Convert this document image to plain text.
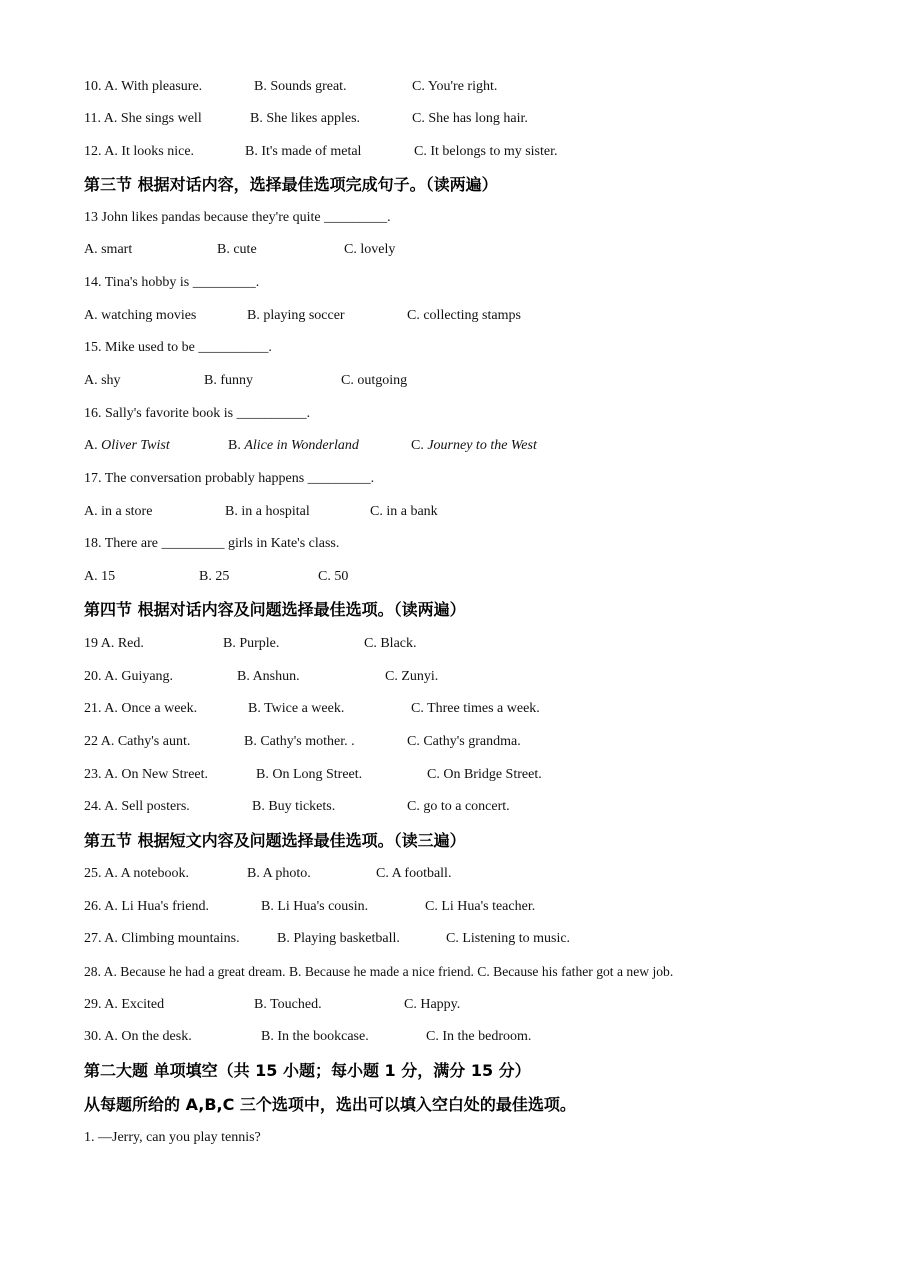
10. A. With pleasure.	B. Sounds great.	C. You're right.
11. A. She sings well	B. She likes apples.	C. She has long hair.
12. A. It looks nice.	B. It's made of metal	C. It belongs to my sister.
第三节 根据对话内容，选择最佳选项完成句子。（读两遍）
13 John likes pandas because they're quite _________.
A. smart	B. cute	C. lovely
14. Tina's hobby is _________.
A. watching movies	B. playing soccer	C. collecting stamps
15. Mike used to be __________.
A. shy	B. funny	C. outgoing
16. Sally's favorite book is __________.
A. Oliver Twist	B. Alice in Wonderland	C. Journey to the West
17. The conversation probably happens _________.
A. in a store	B. in a hospital	C. in a bank
18. There are _________ girls in Kate's class.
A. 15	B. 25	C. 50
第四节 根据对话内容及问题选择最佳选项。（读两遍）
19 A. Red.	B. Purple.	C. Black.
20. A. Guiyang.	B. Anshun.	C. Zunyi.
21. A. Once a week.	B. Twice a week.	C. Three times a week.
22 A. Cathy's aunt.	B. Cathy's mother. .	C. Cathy's grandma.
23. A. On New Street.	B. On Long Street.	C. On Bridge Street.
24. A. Sell posters.	B. Buy tickets.	C. go to a concert.
第五节 根据短文内容及问题选择最佳选项。（读三遍）
25. A. A notebook.	B. A photo.	C. A football.
26. A. Li Hua's friend.	B. Li Hua's cousin.	C. Li Hua's teacher.
27. A. Climbing mountains.	B. Playing basketball.	C. Listening to music.
28. A. Because he had a great dream. B. Because he made a nice friend. C. Because his father got a new job.
29. A. Excited	B. Touched.	C. Happy.
30. A. On the desk.	B. In the bookcase.	C. In the bedroom.
第二大题 单项填空（共 15 小题；每小题 1 分，满分 15 分）
从每题所给的 A,B,C 三个选项中，选出可以填入空白处的最佳选项。
1. —Jerry, can you play tennis?
